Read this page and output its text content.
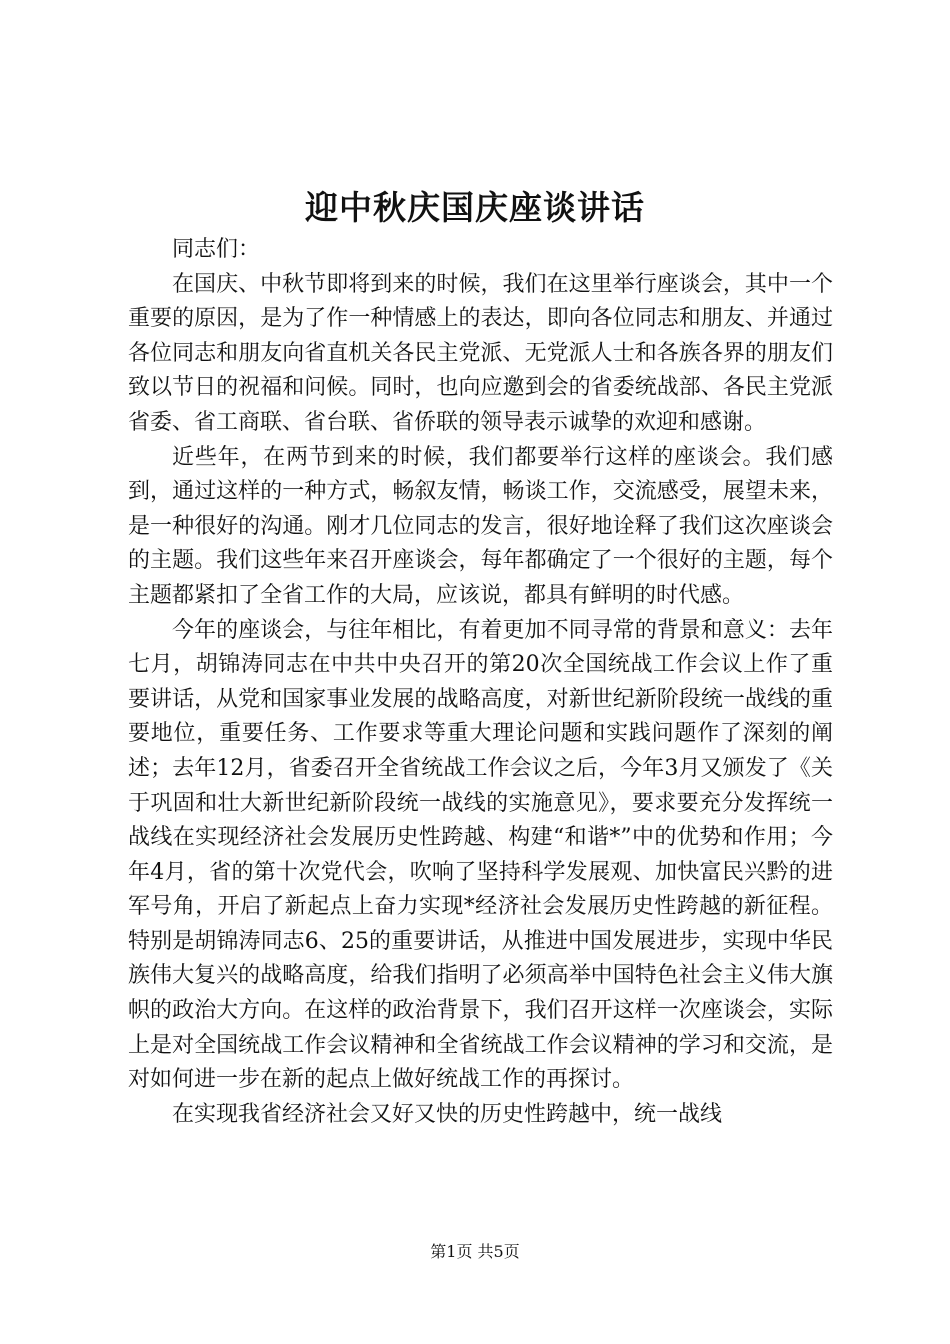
迎中秋庆国庆座谈讲话

同志们：

在国庆、中秋节即将到来的时候，我们在这里举行座谈会，其中一个重要的原因，是为了作一种情感上的表达，即向各位同志和朋友、并通过各位同志和朋友向省直机关各民主党派、无党派人士和各族各界的朋友们致以节日的祝福和问候。同时，也向应邀到会的省委统战部、各民主党派省委、省工商联、省台联、省侨联的领导表示诚挚的欢迎和感谢。

近些年，在两节到来的时候，我们都要举行这样的座谈会。我们感到，通过这样的一种方式，畅叙友情，畅谈工作，交流感受，展望未来，是一种很好的沟通。刚才几位同志的发言，很好地诠释了我们这次座谈会的主题。我们这些年来召开座谈会，每年都确定了一个很好的主题，每个主题都紧扣了全省工作的大局，应该说，都具有鲜明的时代感。

今年的座谈会，与往年相比，有着更加不同寻常的背景和意义：去年七月，胡锦涛同志在中共中央召开的第20次全国统战工作会议上作了重要讲话，从党和国家事业发展的战略高度，对新世纪新阶段统一战线的重要地位，重要任务、工作要求等重大理论问题和实践问题作了深刻的阐述；去年12月，省委召开全省统战工作会议之后，今年3月又颁发了《关于巩固和壮大新世纪新阶段统一战线的实施意见》，要求要充分发挥统一战线在实现经济社会发展历史性跨越、构建“和谐*”中的优势和作用；今年4月，省的第十次党代会，吹响了坚持科学发展观、加快富民兴黔的进军号角，开启了新起点上奋力实现*经济社会发展历史性跨越的新征程。特别是胡锦涛同志6、25的重要讲话，从推进中国发展进步，实现中华民族伟大复兴的战略高度，给我们指明了必须高举中国特色社会主义伟大旗帜的政治大方向。在这样的政治背景下，我们召开这样一次座谈会，实际上是对全国统战工作会议精神和全省统战工作会议精神的学习和交流，是对如何进一步在新的起点上做好统战工作的再探讨。

在实现我省经济社会又好又快的历史性跨越中，统一战线

第1页 共5页
